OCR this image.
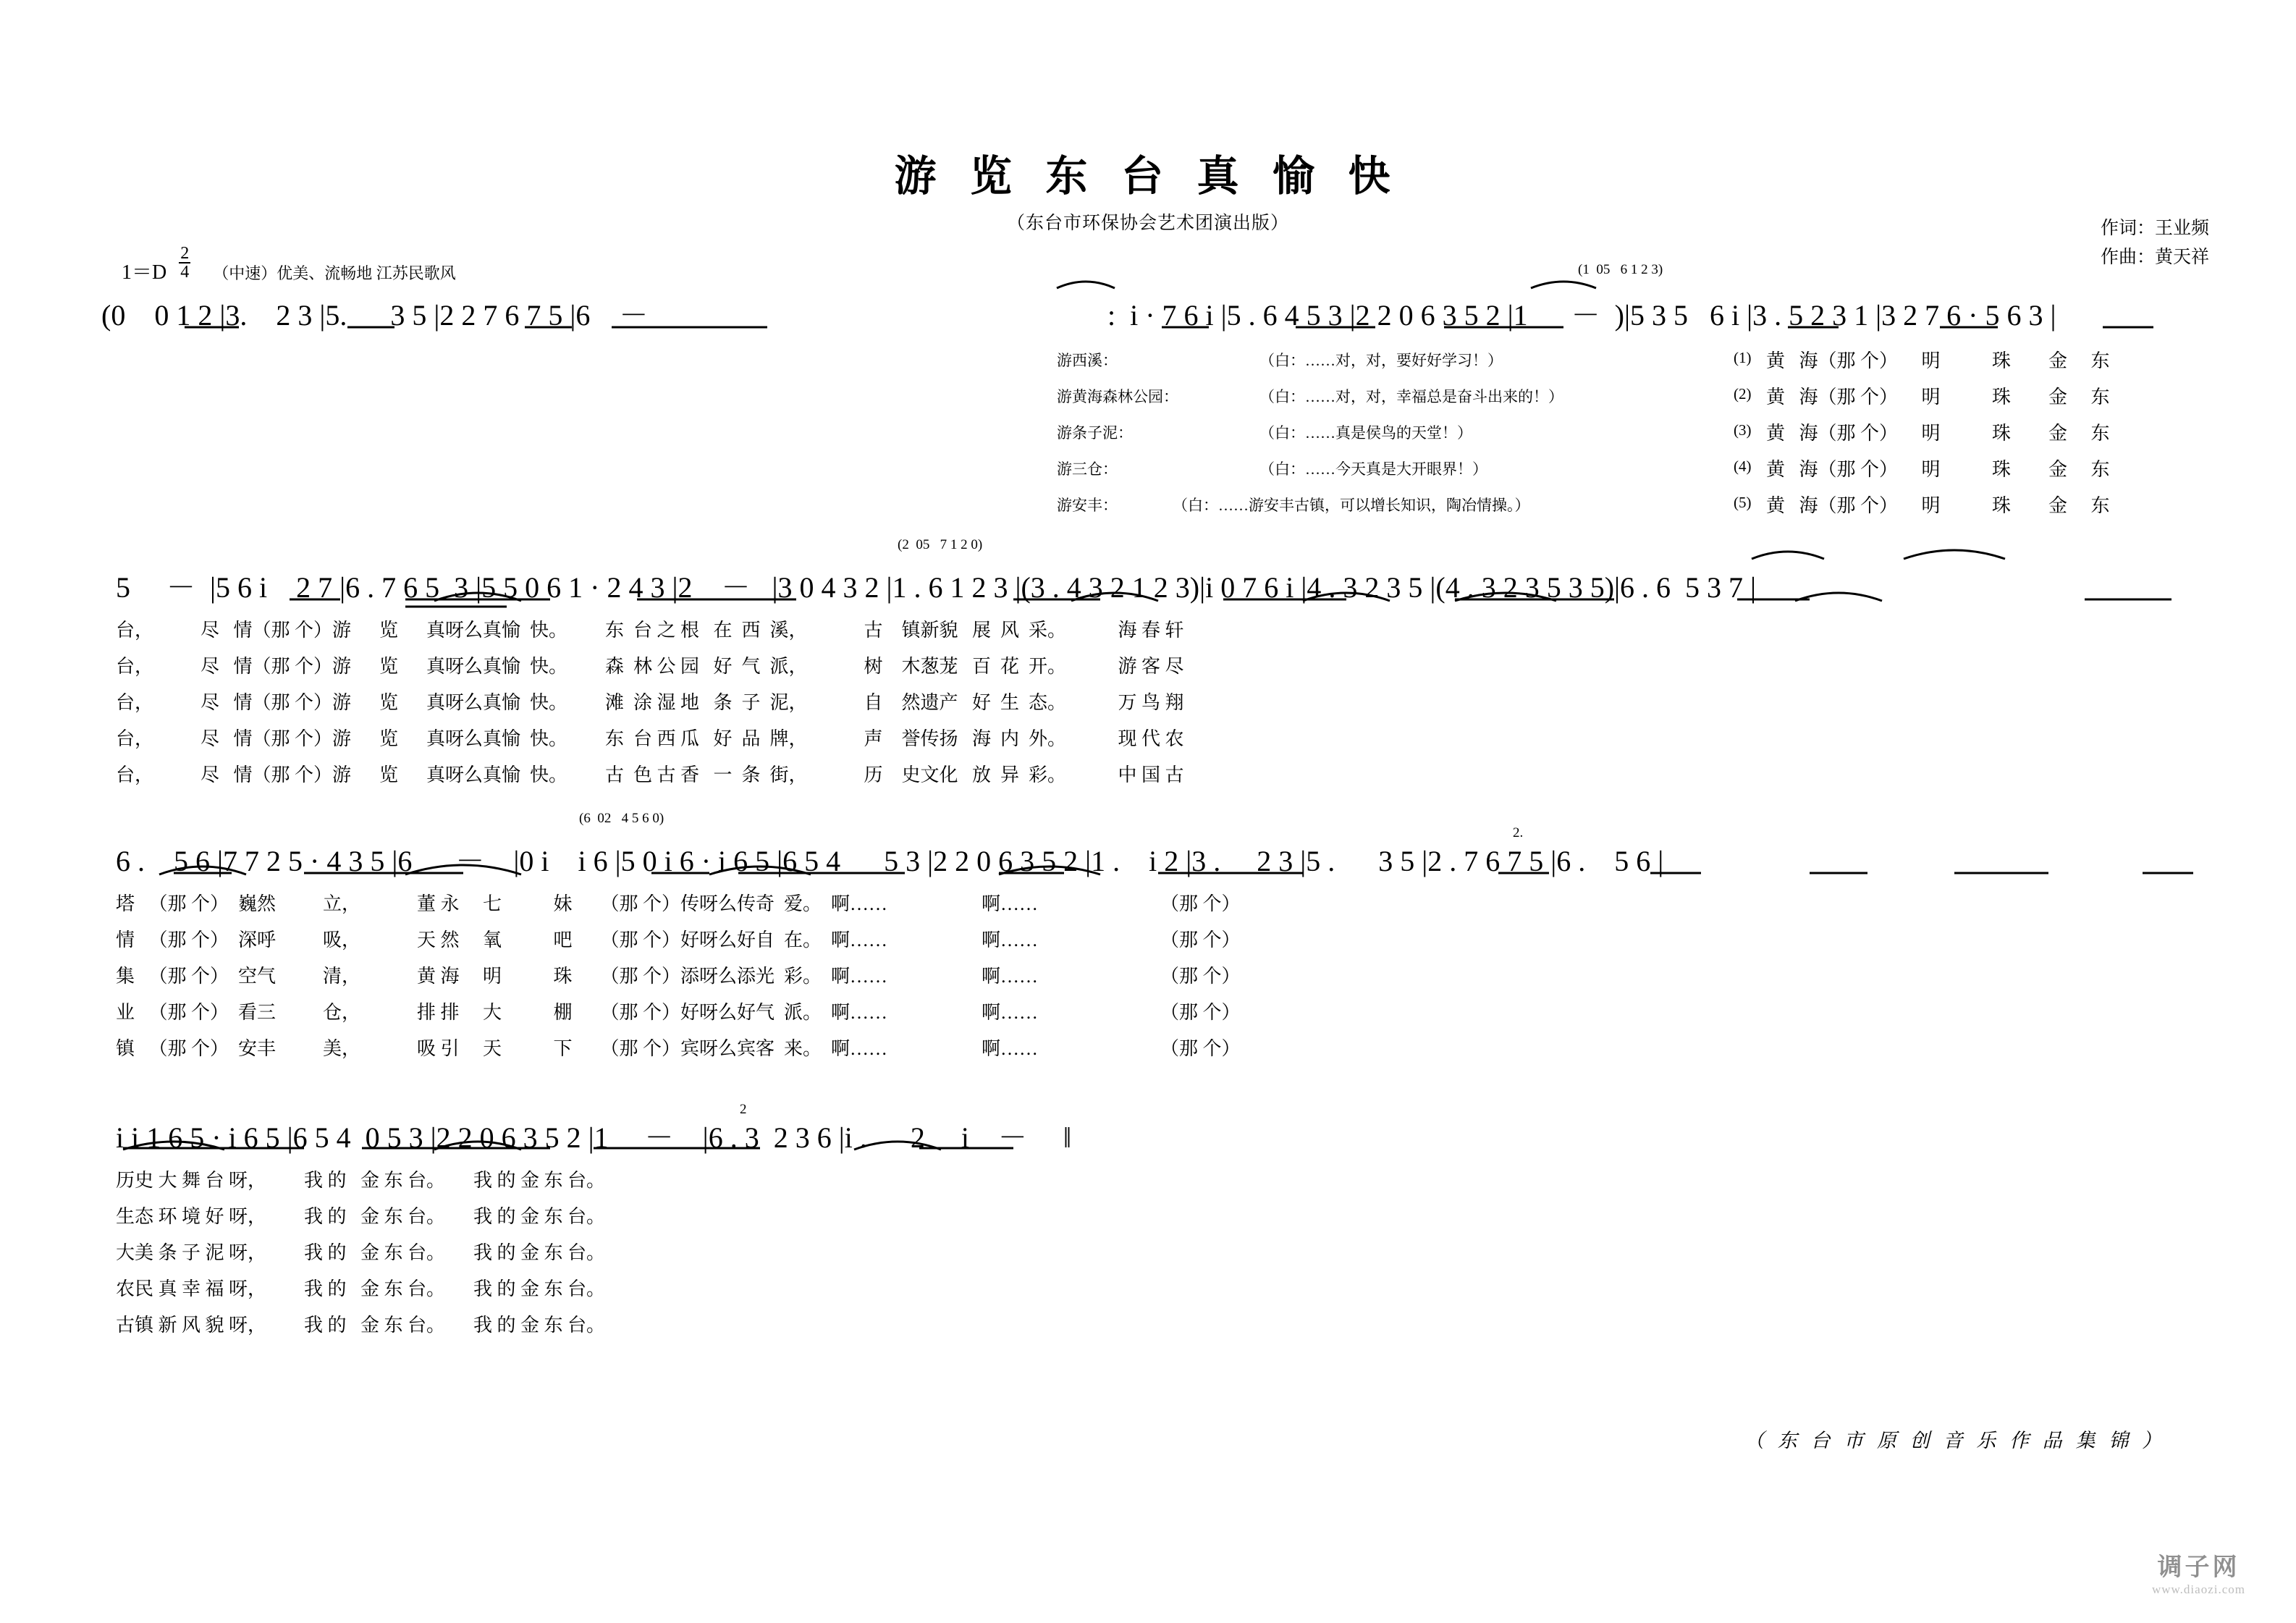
游 览 东 台 真 愉 快
（东台市环保协会艺术团演出版）	作词：王业频
作曲：黄天祥
$1=D \frac{2}{4}$ （中速）优美、流畅地 江苏民歌风
(0    0 1 2 |3.    2 3 |5.      3 5 |2 2 7 6 7 5 |6    －	:  i · 7 6 i |5 . 6 4 5 3 |2 2 0 6 3 5 2 |1      －  )|5 3 5   6 i |3 . 5 2 3 1 |3 2 7 6 · 5 6 3 |
(1  05   6 1 2 3)
游西溪：	（白：……对，对，要好好学习！）	(1) 黄   海（那 个）     明           珠        金     东
游黄海森林公园：	（白：……对，对，幸福总是奋斗出来的！）	(2) 黄   海（那 个）     明           珠        金     东
游条子泥：	（白：……真是侯鸟的天堂！）	(3) 黄   海（那 个）     明           珠        金     东
游三仓：	（白：……今天真是大开眼界！）	(4) 黄   海（那 个）     明           珠        金     东
游安丰：	（白：……游安丰古镇，可以增长知识，陶冶情操。）	(5) 黄   海（那 个）     明           珠        金     东
5     －  |5 6 i    2 7 |6 . 7 6 5  3 |5 5 0 6 1 · 2 4 3 |2    －   |3 0 4 3 2 |1 . 6 1 2 3 |(3 . 4 3 2 1 2 3)|i 0 7 6 i |4 . 3 2 3 5 |(4 . 3 2 3 5 3 5)|6 . 6  5 3 7 |
(2  05   7 1 2 0)
台，          尽   情（那 个）游      览      真呀么真愉  快。        东  台 之 根   在  西  溪，            古    镇新貌   展  风  采。           海 春 轩
台，          尽   情（那 个）游      览      真呀么真愉  快。        森  林 公 园   好  气  派，            树    木葱茏   百  花  开。           游 客 尽
台，          尽   情（那 个）游      览      真呀么真愉  快。        滩  涂 湿 地   条  子  泥，            自    然遗产   好  生  态。           万 鸟 翔
台，          尽   情（那 个）游      览      真呀么真愉  快。        东  台 西 瓜   好  品  牌，            声    誉传扬   海  内  外。           现 代 农
台，          尽   情（那 个）游      览      真呀么真愉  快。        古  色 古 香   一  条  街，            历    史文化   放  异  彩。           中 国 古
6 .    5 6 |7 7 2 5 · 4 3 5 |6      －    |0 i    i 6 |5 0 i 6 · i 6 5 |6 5 4      5 3 |2 2 0 6 3 5 2 |1 .    i 2 |3 .     2 3 |5 .      3 5 |2 . 7 6 7 5 |6 .    5 6 |
(6  02   4 5 6 0)
2.
塔   （那 个）  巍然          立，            董 永     七           妹      （那 个）传呀么传奇  爱。  啊……                    啊……                          （那 个）
情   （那 个）  深呼          吸，            天 然     氧           吧      （那 个）好呀么好自  在。  啊……                    啊……                          （那 个）
集   （那 个）  空气          清，            黄 海     明           珠      （那 个）添呀么添光  彩。  啊……                    啊……                          （那 个）
业   （那 个）  看三          仓，            排 排     大           棚      （那 个）好呀么好气  派。  啊……                    啊……                          （那 个）
镇   （那 个）  安丰          美，            吸 引     天           下      （那 个）宾呀么宾客  来。  啊……                    啊……                          （那 个）
i i 1 6 5 · i 6 5 |6 5 4  0 5 3 |2 2 0 6 3 5 2 |1     －    |6 . 3  2 3 6 |i .      2     i    －     ‖
2
历史 大 舞 台 呀，        我 的   金 东 台。      我 的 金 东 台。
生态 环 境 好 呀，        我 的   金 东 台。      我 的 金 东 台。
大美 条 子 泥 呀，        我 的   金 东 台。      我 的 金 东 台。
农民 真 幸 福 呀，        我 的   金 东 台。      我 的 金 东 台。
古镇 新 风 貌 呀，        我 的   金 东 台。      我 的 金 东 台。
（ 东 台 市 原 创 音 乐 作 品 集 锦 ）
调子网
www.diaozi.com
